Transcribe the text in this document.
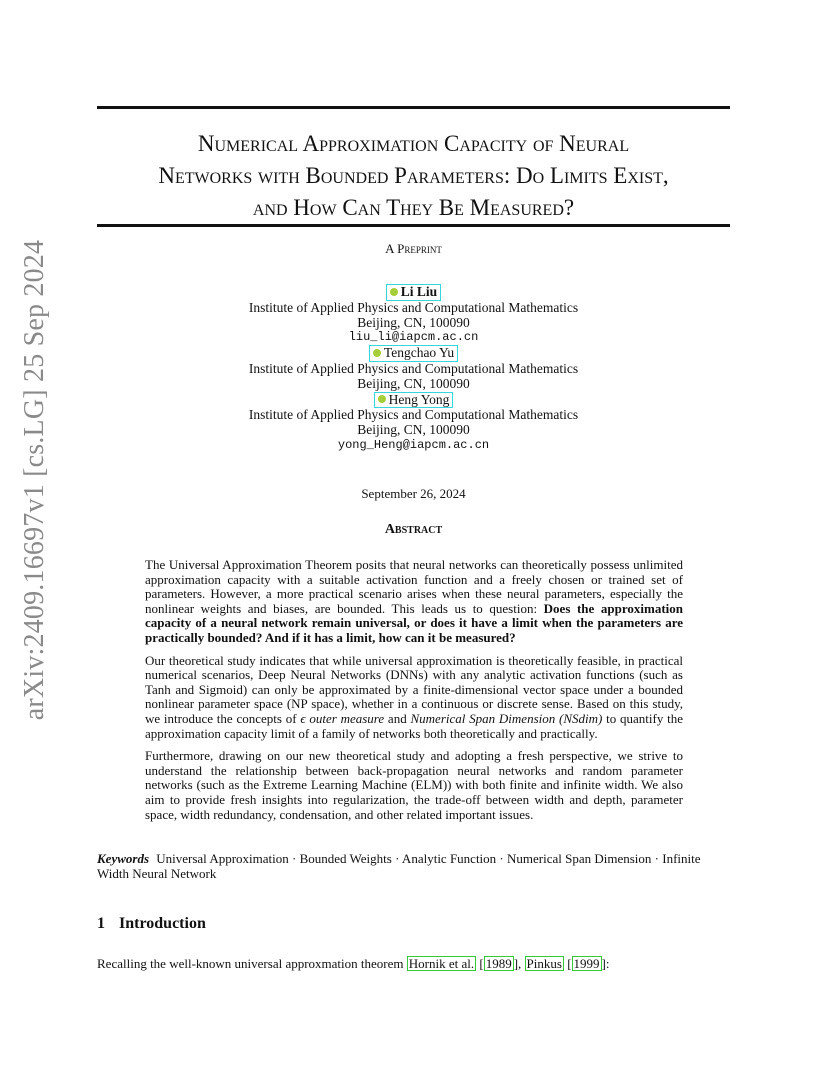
arXiv:2409.16697v1 [cs.LG] 25 Sep 2024
Numerical Approximation Capacity of Neural
Networks with Bounded Parameters: Do Limits Exist,
and How Can They Be Measured?
A Preprint
Li Liu
Institute of Applied Physics and Computational Mathematics
Beijing, CN, 100090
liu_li@iapcm.ac.cn
Tengchao Yu
Institute of Applied Physics and Computational Mathematics
Beijing, CN, 100090
Heng Yong
Institute of Applied Physics and Computational Mathematics
Beijing, CN, 100090
yong_Heng@iapcm.ac.cn
September 26, 2024
Abstract

The Universal Approximation Theorem posits that neural networks can theoretically possess unlimited approximation capacity with a suitable activation function and a freely chosen or trained set of parameters. However, a more practical scenario arises when these neural parameters, especially the nonlinear weights and biases, are bounded. This leads us to question: Does the approximation capacity of a neural network remain universal, or does it have a limit when the parameters are practically bounded? And if it has a limit, how can it be measured?

Our theoretical study indicates that while universal approximation is theoretically feasible, in practical numerical scenarios, Deep Neural Networks (DNNs) with any analytic activation functions (such as Tanh and Sigmoid) can only be approximated by a finite-dimensional vector space under a bounded nonlinear parameter space (NP space), whether in a continuous or discrete sense. Based on this study, we introduce the concepts of ϵ outer measure and Numerical Span Dimension (NSdim) to quantify the approximation capacity limit of a family of networks both theoretically and practically.

Furthermore, drawing on our new theoretical study and adopting a fresh perspective, we strive to understand the relationship between back-propagation neural networks and random parameter networks (such as the Extreme Learning Machine (ELM)) with both finite and infinite width. We also aim to provide fresh insights into regularization, the trade-off between width and depth, parameter space, width redundancy, condensation, and other related important issues.

Keywords Universal Approximation · Bounded Weights · Analytic Function · Numerical Span Dimension · Infinite Width Neural Network
1 Introduction
Recalling the well-known universal approxmation theorem Hornik et al. [ 1989 ], Pinkus [ 1999 ]:
